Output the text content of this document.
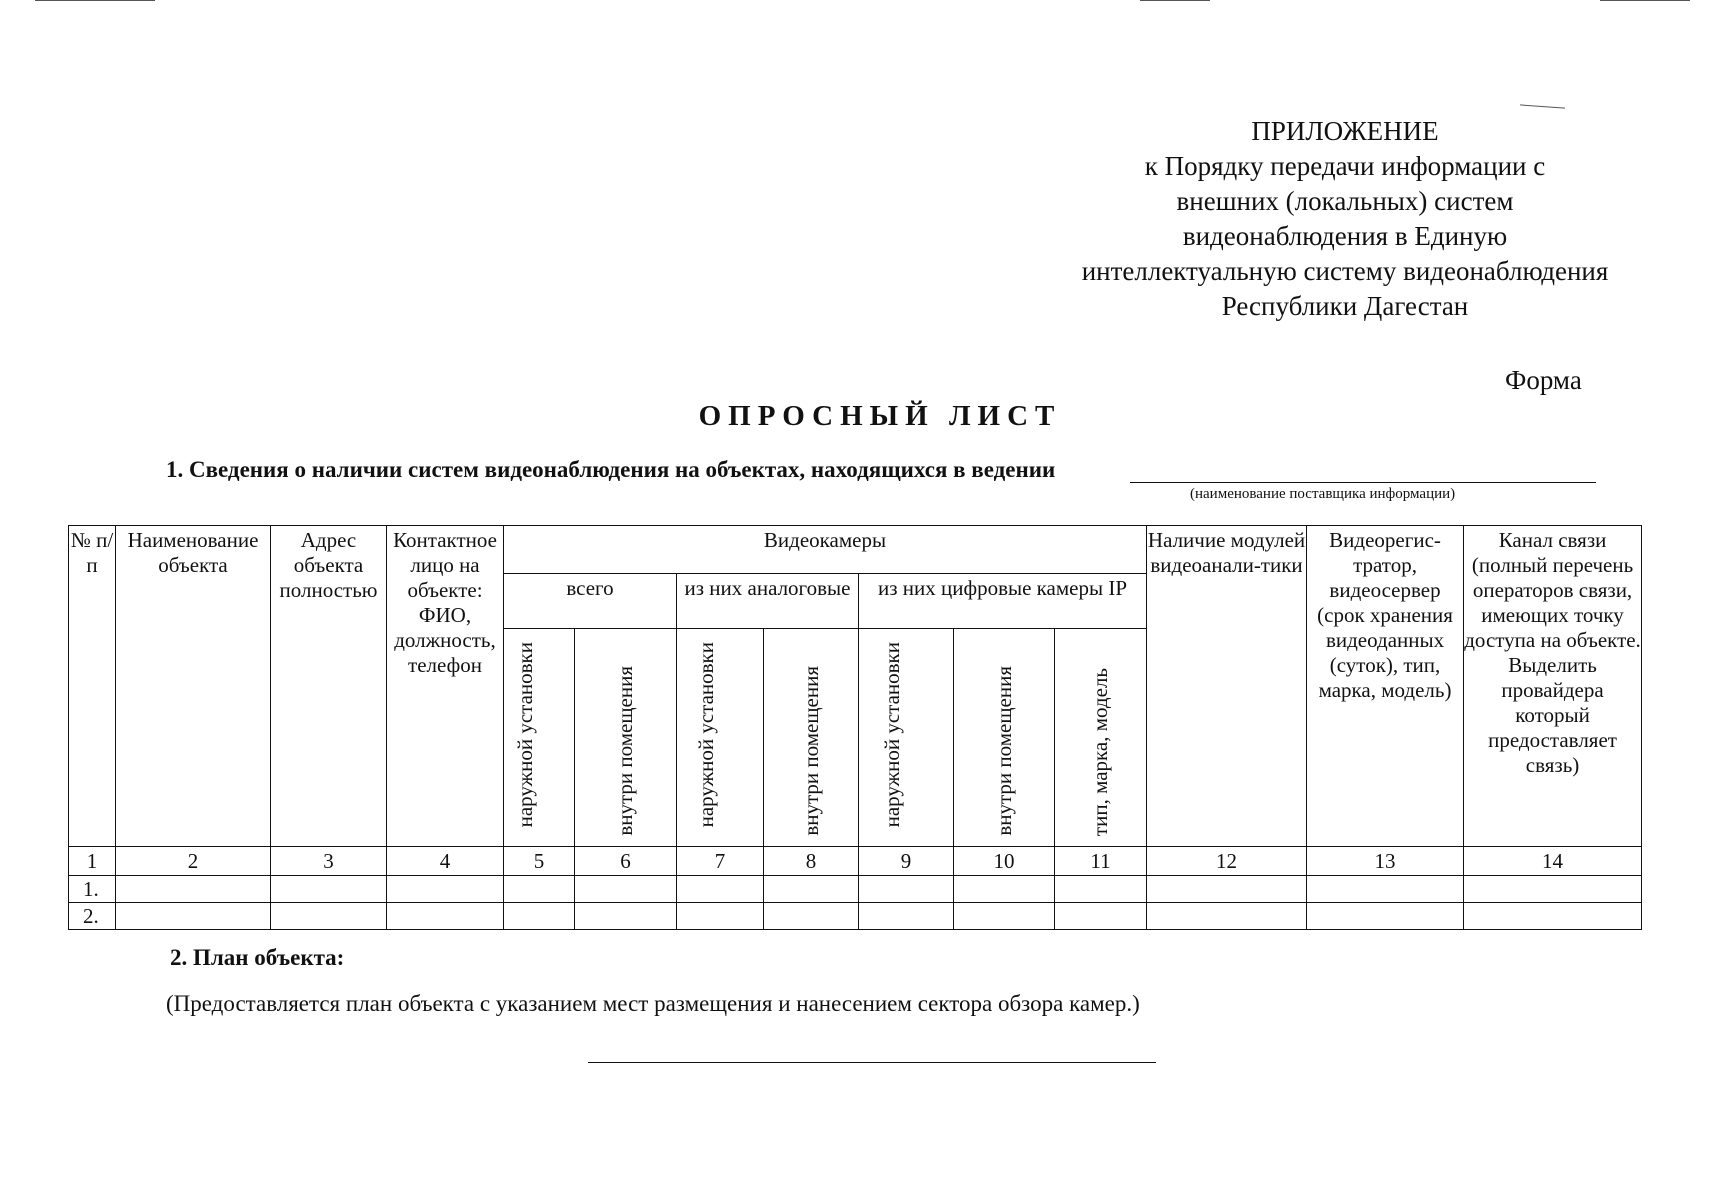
ПРИЛОЖЕНИЕ
к Порядку передачи информации с
внешних (локальных) систем
видеонаблюдения в Единую
интеллектуальную систему видеонаблюдения
Республики Дагестан
Форма
ОПРОСНЫЙ ЛИСТ
1. Сведения о наличии систем видеонаблюдения на объектах, находящихся в ведении
(наименование поставщика информации)
№ п/п	Наименование объекта	Адрес объекта полностью	Контактное лицо на объекте: ФИО, должность, телефон	Видеокамеры							Наличие модулей видеоанали-тики	Видеорегис-тратор, видеосервер (срок хранения видеоданных (суток), тип, марка, модель)	Канал связи (полный перечень операторов связи, имеющих точку доступа на объекте. Выделить провайдера который предоставляет связь)
				всего		из них аналоговые		из них цифровые камеры IP					
				наружной установки	внутри помещения	наружной установки	внутри помещения	наружной установки	внутри помещения	тип, марка, модель			
1	2	3	4	5	6	7	8	9	10	11	12	13	14
1.													
2.													
2. План объекта:
(Предоставляется план объекта с указанием мест размещения и нанесением сектора обзора камер.)
